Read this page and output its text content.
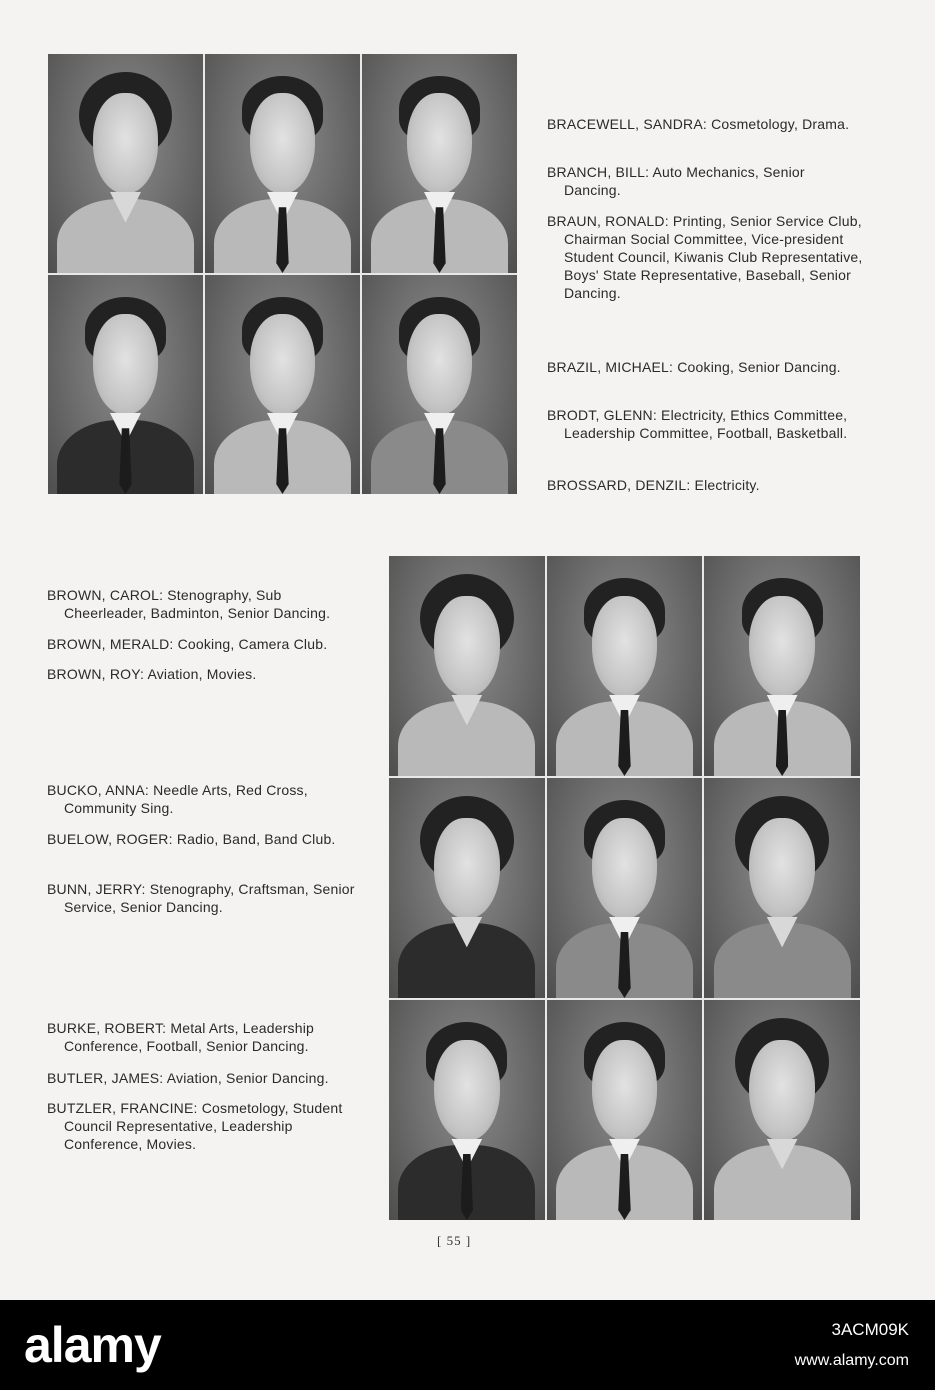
BRACEWELL, SANDRA: Cosmetology, Drama.

BRANCH, BILL: Auto Mechanics, Senior Dancing.

BRAUN, RONALD: Printing, Senior Service Club, Chairman Social Committee, Vice-president Student Council, Kiwanis Club Representative, Boys' State Representative, Baseball, Senior Dancing.

BRAZIL, MICHAEL: Cooking, Senior Dancing.

BRODT, GLENN: Electricity, Ethics Committee, Leadership Committee, Football, Basketball.

BROSSARD, DENZIL: Electricity.

BROWN, CAROL: Stenography, Sub Cheerleader, Badminton, Senior Dancing.

BROWN, MERALD: Cooking, Camera Club.

BROWN, ROY: Aviation, Movies.

BUCKO, ANNA: Needle Arts, Red Cross, Community Sing.

BUELOW, ROGER: Radio, Band, Band Club.

BUNN, JERRY: Stenography, Craftsman, Senior Service, Senior Dancing.

BURKE, ROBERT: Metal Arts, Leadership Conference, Football, Senior Dancing.

BUTLER, JAMES: Aviation, Senior Dancing.

BUTZLER, FRANCINE: Cosmetology, Student Council Representative, Leadership Conference, Movies.

[ 55 ]
alamy	3ACM09K
www.alamy.com
